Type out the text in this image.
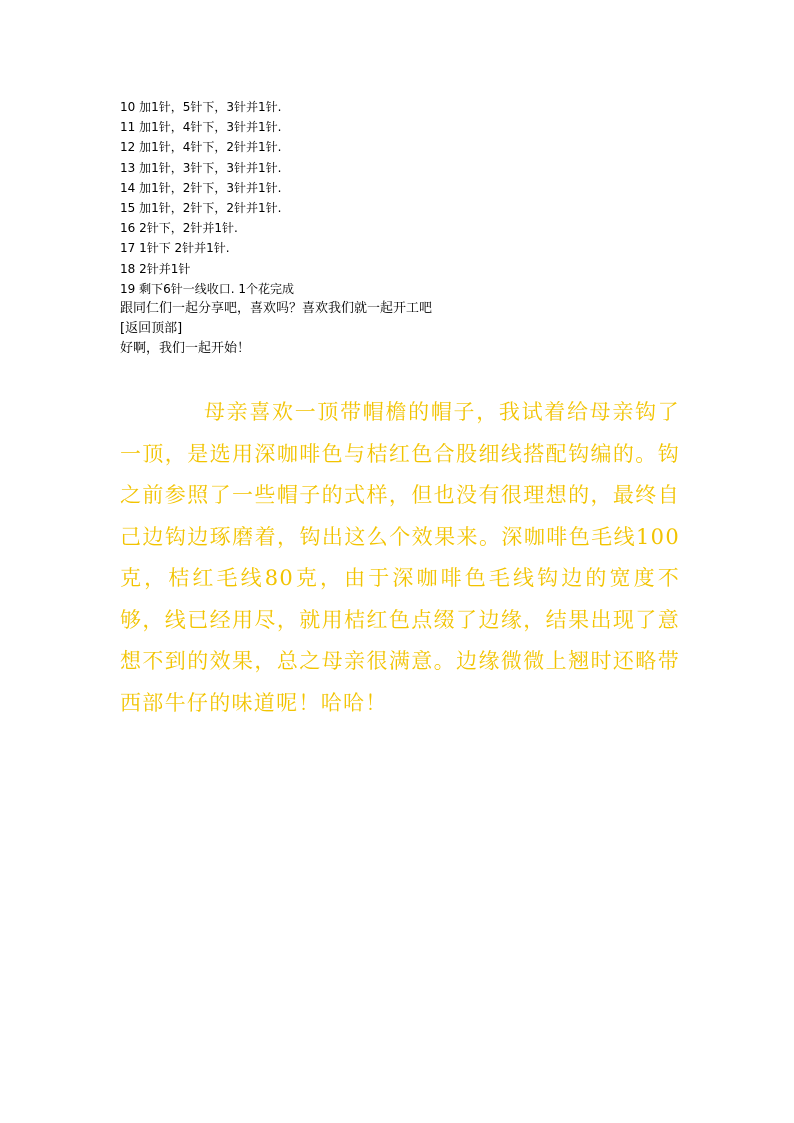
10 加1针，5针下，3针并1针.
11 加1针，4针下，3针并1针.
12 加1针，4针下，2针并1针.
13 加1针，3针下，3针并1针.
14 加1针，2针下，3针并1针.
15 加1针，2针下，2针并1针.
16 2针下，2针并1针.
17 1针下 2针并1针.
18 2针并1针
19 剩下6针一线收口. 1个花完成
跟同仁们一起分享吧，喜欢吗？喜欢我们就一起开工吧
[返回顶部]
好啊，我们一起开始！
母亲喜欢一顶带帽檐的帽子，我试着给母亲钩了一顶，是选用深咖啡色与桔红色合股细线搭配钩编的。钩之前参照了一些帽子的式样，但也没有很理想的，最终自己边钩边琢磨着，钩出这么个效果来。深咖啡色毛线100克，桔红毛线80克，由于深咖啡色毛线钩边的宽度不够，线已经用尽，就用桔红色点缀了边缘，结果出现了意想不到的效果，总之母亲很满意。边缘微微上翘时还略带西部牛仔的味道呢！哈哈！
